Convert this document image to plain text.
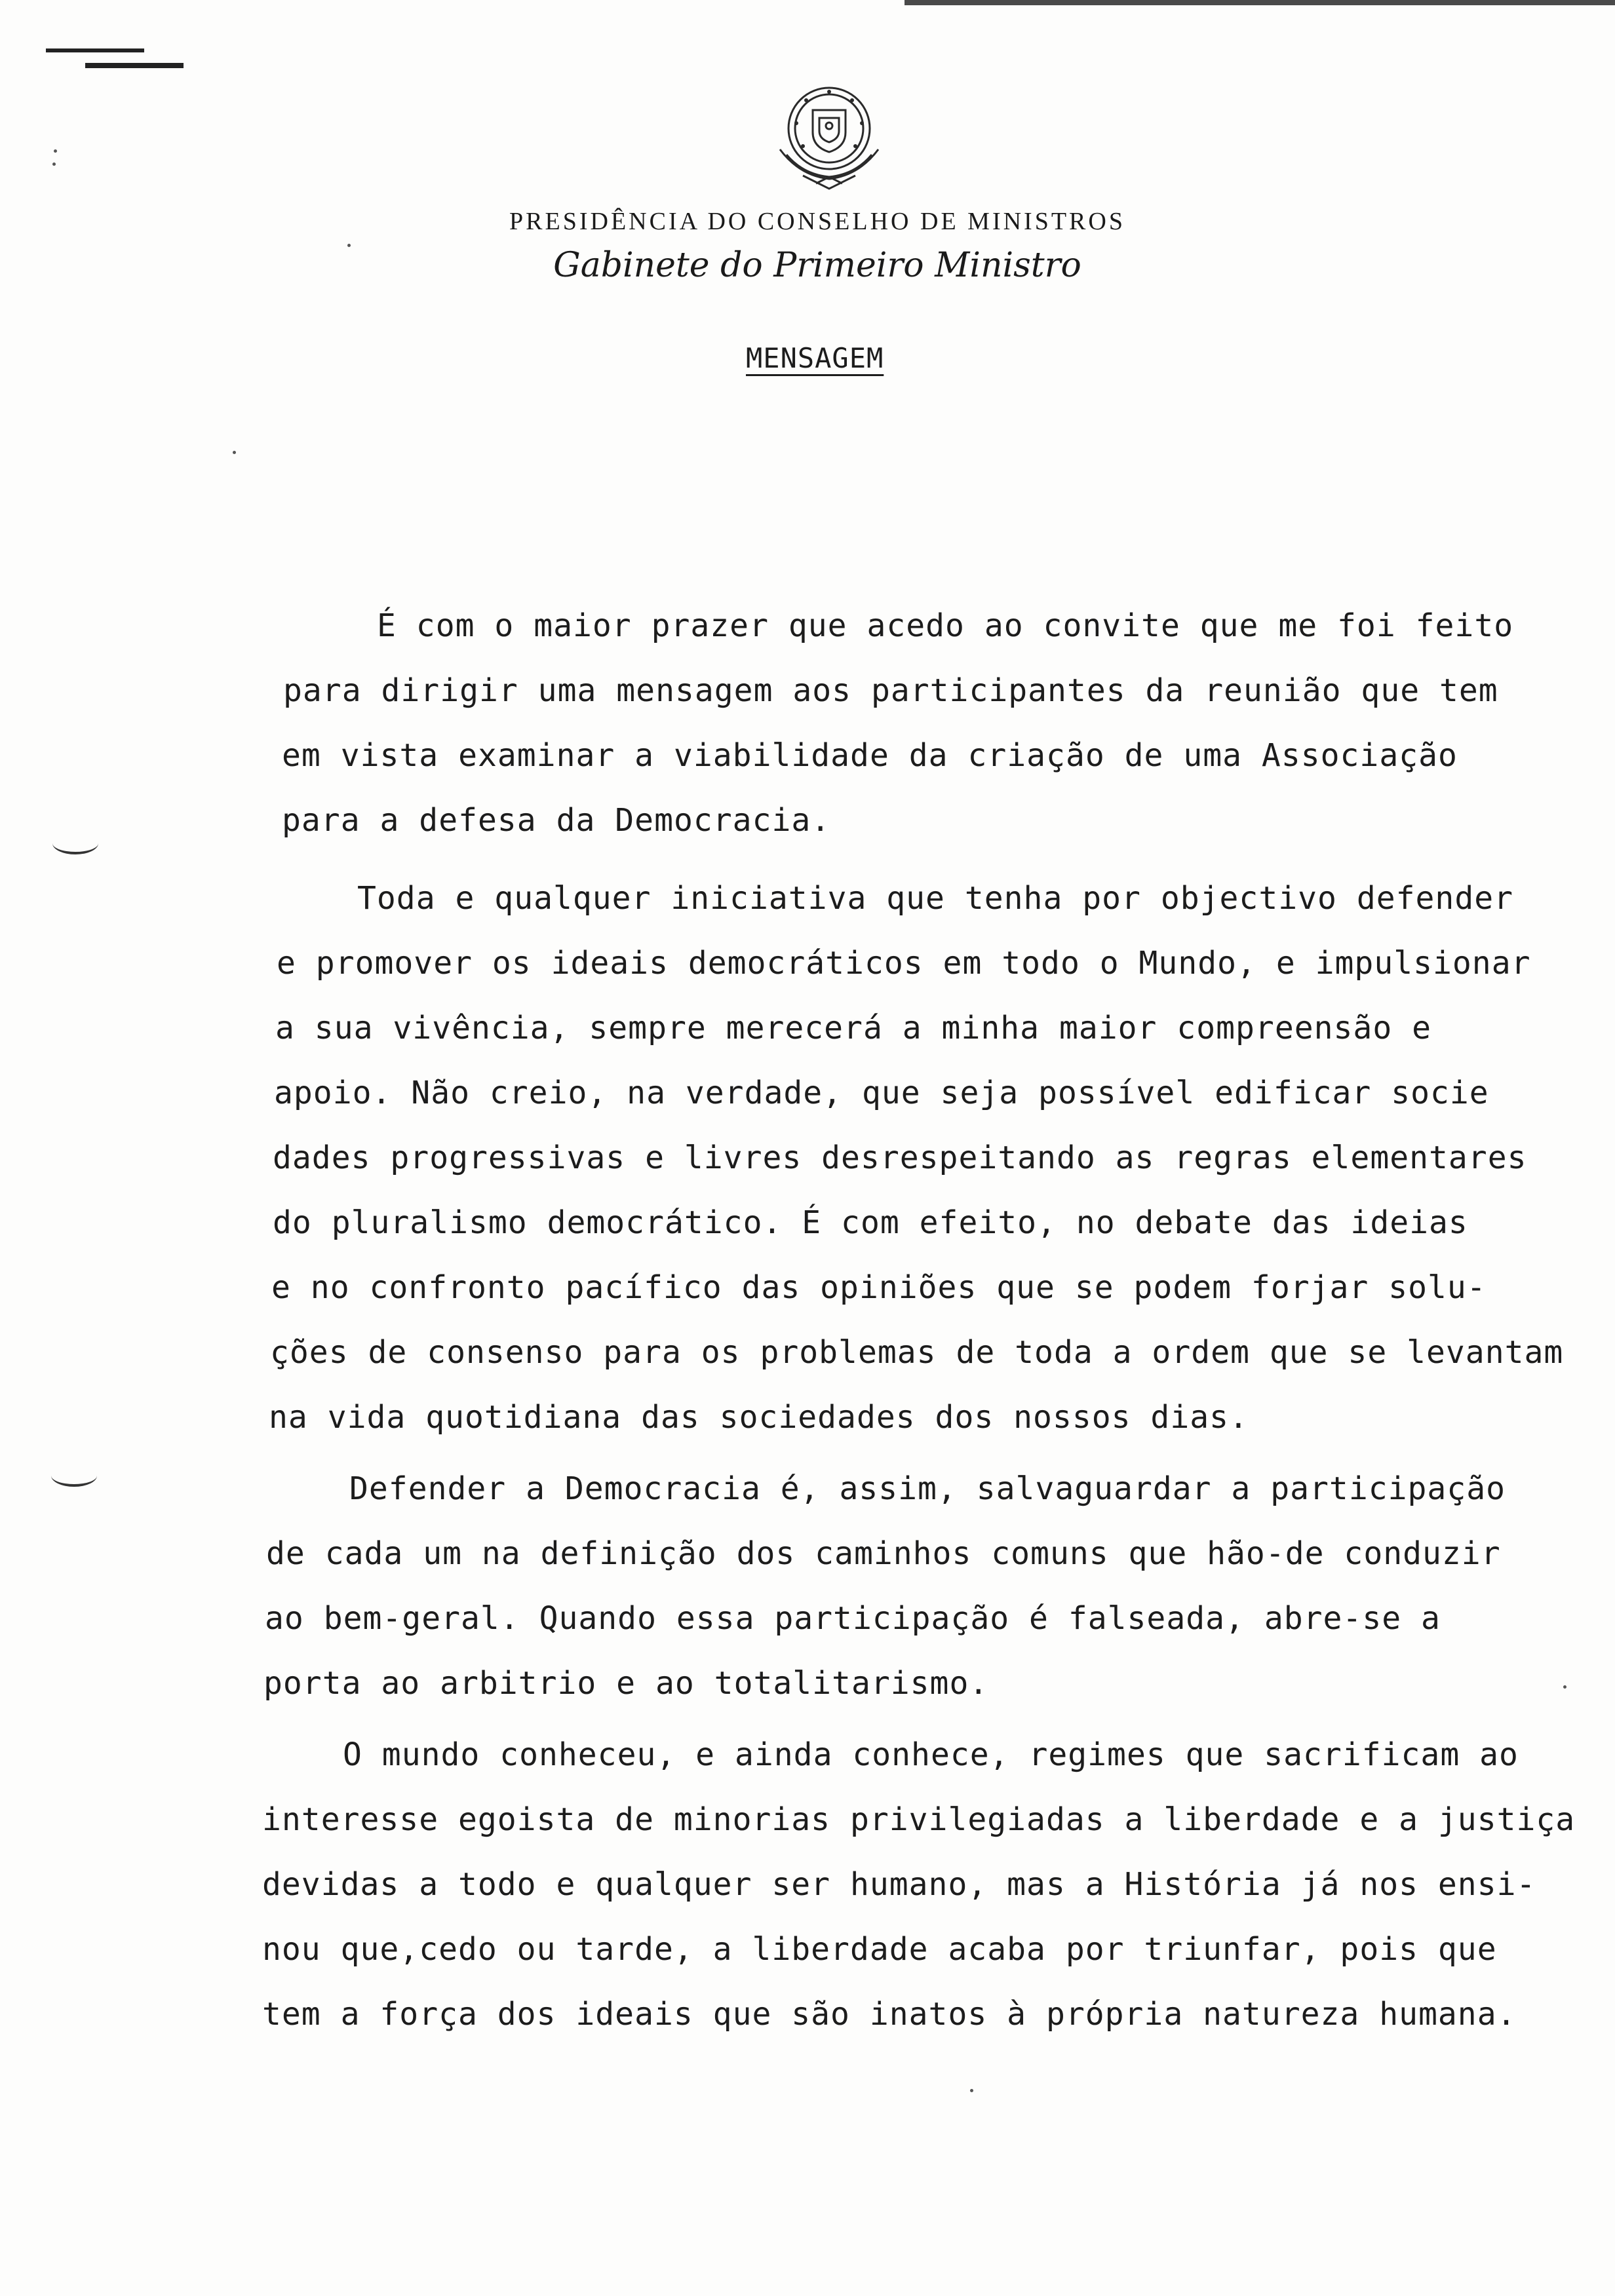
PRESIDÊNCIA DO CONSELHO DE MINISTROS
Gabinete do Primeiro Ministro
MENSAGEM
É com o maior prazer que acedo ao convite que me foi feito
para dirigir uma mensagem aos participantes da reunião que tem
em vista examinar a viabilidade da criação de uma Associação
para a defesa da Democracia.
Toda e qualquer iniciativa que tenha por objectivo defender
e promover os ideais democráticos em todo o Mundo, e impulsionar
a sua vivência, sempre merecerá a minha maior compreensão e
apoio. Não creio, na verdade, que seja possível edificar socie
dades progressivas e livres desrespeitando as regras elementares
do pluralismo democrático. É com efeito, no debate das ideias
e no confronto pacífico das opiniões que se podem forjar solu-
ções de consenso para os problemas de toda a ordem que se levantam
na vida quotidiana das sociedades dos nossos dias.
Defender a Democracia é, assim, salvaguardar a participação
de cada um na definição dos caminhos comuns que hão-de conduzir
ao bem-geral. Quando essa participação é falseada, abre-se a
porta ao arbitrio e ao totalitarismo.
O mundo conheceu, e ainda conhece, regimes que sacrificam ao
interesse egoista de minorias privilegiadas a liberdade e a justiça
devidas a todo e qualquer ser humano, mas a História já nos ensi-
nou que,cedo ou tarde, a liberdade acaba por triunfar, pois que
tem a força dos ideais que são inatos à própria natureza humana.
